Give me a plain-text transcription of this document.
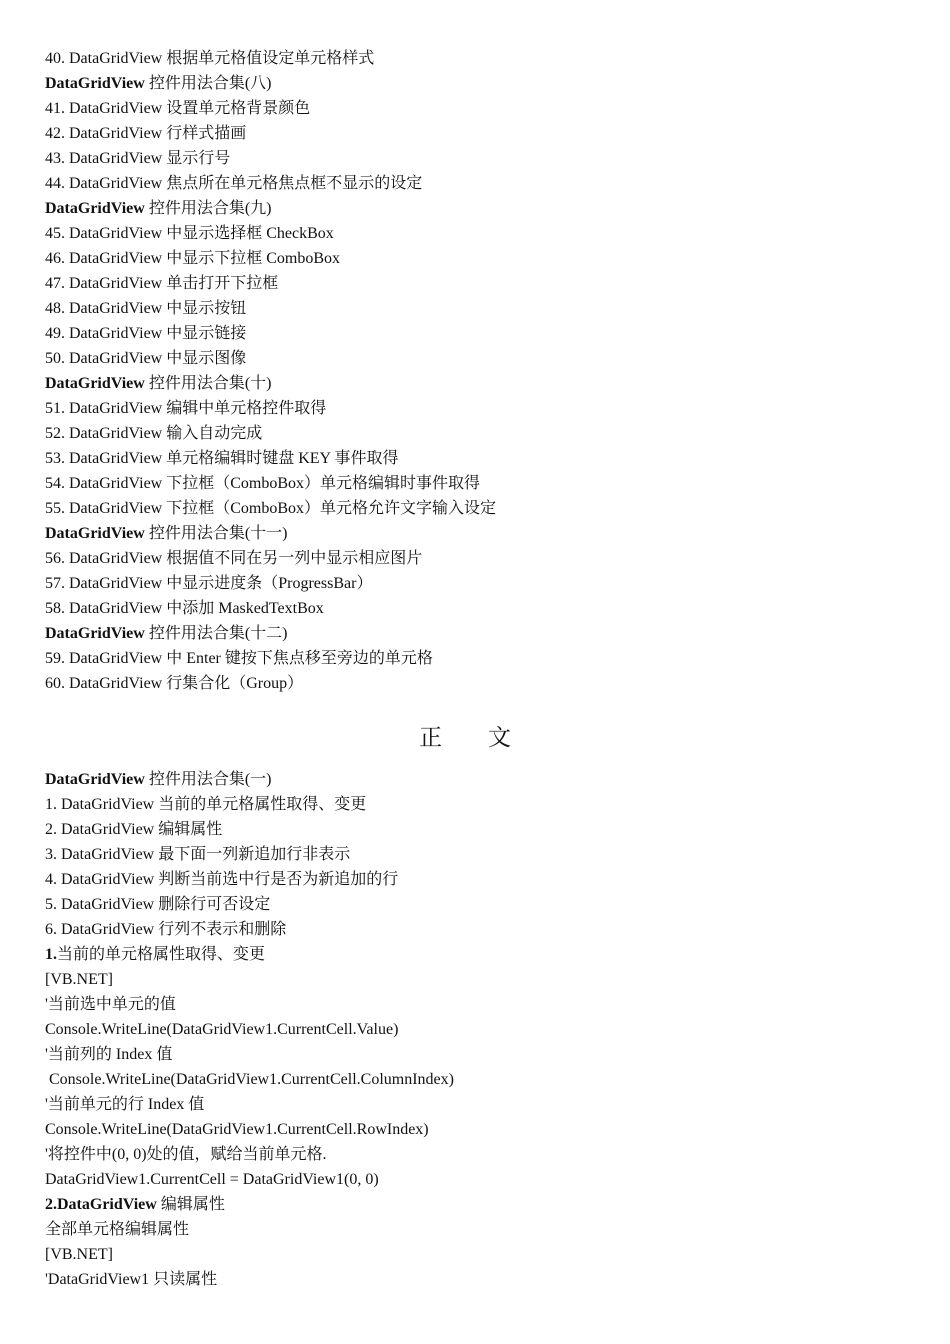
40. DataGridView 根据单元格值设定单元格样式
DataGridView 控件用法合集(八)
41. DataGridView 设置单元格背景颜色
42. DataGridView 行样式描画
43. DataGridView 显示行号
44. DataGridView 焦点所在单元格焦点框不显示的设定
DataGridView 控件用法合集(九)
45. DataGridView 中显示选择框 CheckBox
46. DataGridView 中显示下拉框 ComboBox
47. DataGridView 单击打开下拉框
48. DataGridView 中显示按钮
49. DataGridView 中显示链接
50. DataGridView 中显示图像
DataGridView 控件用法合集(十)
51. DataGridView 编辑中单元格控件取得
52. DataGridView 输入自动完成
53. DataGridView 单元格编辑时键盘 KEY 事件取得
54. DataGridView 下拉框（ComboBox）单元格编辑时事件取得
55. DataGridView 下拉框（ComboBox）单元格允许文字输入设定
DataGridView 控件用法合集(十一)
56. DataGridView 根据值不同在另一列中显示相应图片
57. DataGridView 中显示进度条（ProgressBar）
58. DataGridView 中添加 MaskedTextBox
DataGridView 控件用法合集(十二)
59. DataGridView 中 Enter 键按下焦点移至旁边的单元格
60. DataGridView 行集合化（Group）
正 文
DataGridView 控件用法合集(一)
1. DataGridView 当前的单元格属性取得、变更
2. DataGridView 编辑属性
3. DataGridView 最下面一列新追加行非表示
4. DataGridView 判断当前选中行是否为新追加的行
5. DataGridView 删除行可否设定
6. DataGridView 行列不表示和删除
1.当前的单元格属性取得、变更
[VB.NET]
'当前选中单元的值
Console.WriteLine(DataGridView1.CurrentCell.Value)
'当前列的 Index 值
Console.WriteLine(DataGridView1.CurrentCell.ColumnIndex)
'当前单元的行 Index 值
Console.WriteLine(DataGridView1.CurrentCell.RowIndex)
'将控件中(0, 0)处的值，赋给当前单元格.
DataGridView1.CurrentCell = DataGridView1(0, 0)
2.DataGridView 编辑属性
全部单元格编辑属性
[VB.NET]
'DataGridView1 只读属性
